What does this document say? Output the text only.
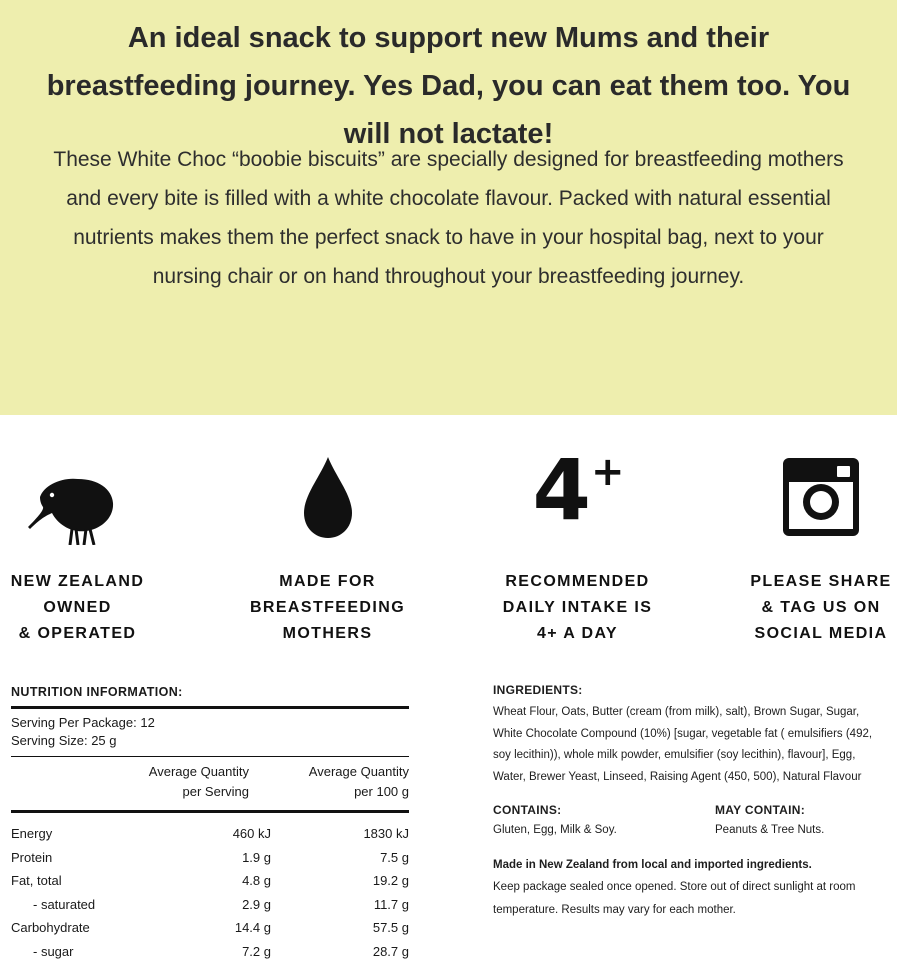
An ideal snack to support new Mums and their breastfeeding journey. Yes Dad, you can eat them too. You will not lactate!

These White Choc “boobie biscuits” are specially designed for breastfeeding mothers and every bite is filled with a white chocolate flavour. Packed with natural essential nutrients makes them the perfect snack to have in your hospital bag, next to your nursing chair or on hand throughout your breastfeeding journey.

NEW ZEALAND
OWNED
& OPERATED
MADE FOR
BREASTFEEDING
MOTHERS
4+
RECOMMENDED
DAILY INTAKE IS
4+ A DAY
PLEASE SHARE
& TAG US ON
SOCIAL MEDIA
NUTRITION INFORMATION:
Serving Per Package: 12
Serving Size: 25 g
Average Quantity
per Serving
Average Quantity
per 100 g
Energy	460 kJ	1830 kJ
Protein	1.9 g	7.5 g
Fat, total	4.8 g	19.2 g
- saturated	2.9 g	11.7 g
Carbohydrate	14.4 g	57.5 g
- sugar	7.2 g	28.7 g
INGREDIENTS:
Wheat Flour, Oats, Butter (cream (from milk), salt), Brown Sugar, Sugar, White Chocolate Compound (10%) [sugar, vegetable fat ( emulsifiers (492, soy lecithin)), whole milk powder, emulsifier (soy lecithin), flavour], Egg, Water, Brewer Yeast, Linseed, Raising Agent (450, 500), Natural Flavour
CONTAINS:
Gluten, Egg, Milk & Soy.
MAY CONTAIN:
Peanuts & Tree Nuts.
Made in New Zealand from local and imported ingredients.
Keep package sealed once opened. Store out of direct sunlight at room temperature. Results may vary for each mother.
